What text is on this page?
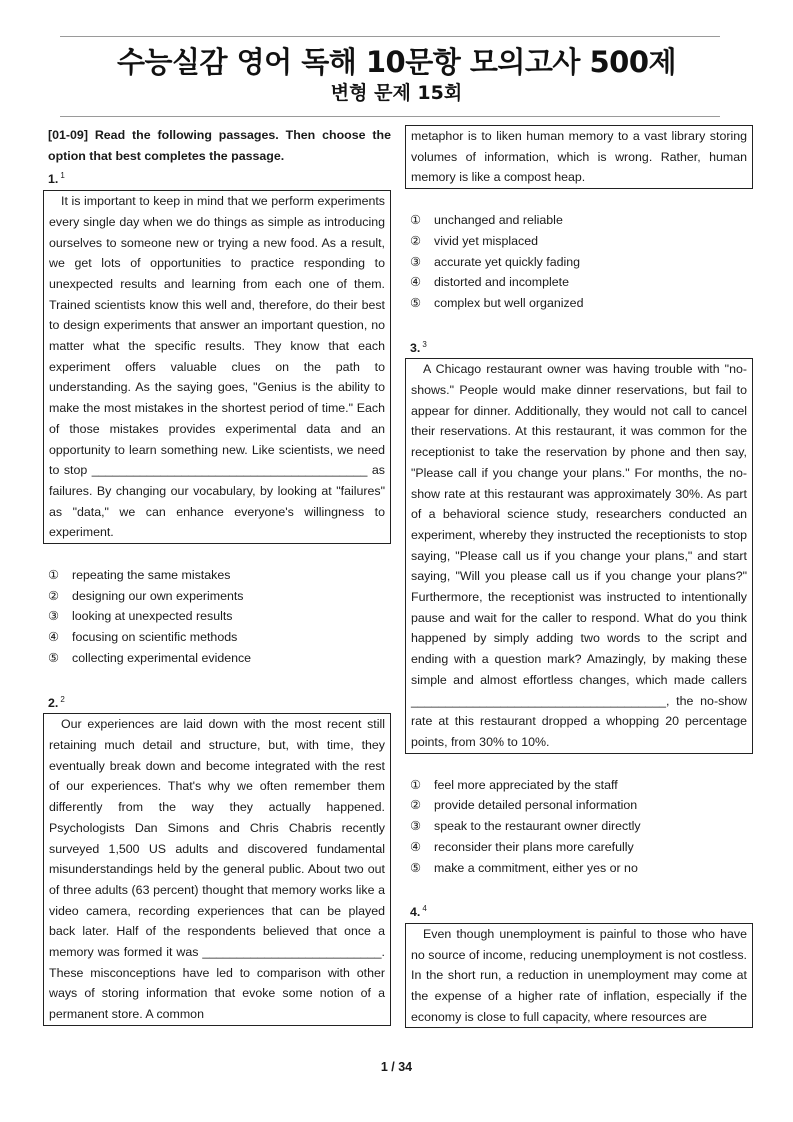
수능실감 영어 독해 10문항 모의고사 500제
변형 문제 15회
[01-09] Read the following passages. Then choose the option that best completes the passage.
1. $^1$
It is important to keep in mind that we perform experiments every single day when we do things as simple as introducing ourselves to someone new or trying a new food. As a result, we get lots of opportunities to practice responding to unexpected results and learning from each one of them. Trained scientists know this well and, therefore, do their best to design experiments that answer an important question, no matter what the specific results. They know that each experiment offers valuable clues on the path to understanding. As the saying goes, "Genius is the ability to make the most mistakes in the shortest period of time." Each of those mistakes provides experimental data and an opportunity to learn something new. Like scientists, we need to stop ________________________________________ as failures. By changing our vocabulary, by looking at "failures" as "data," we can enhance everyone's willingness to experiment.
①	repeating the same mistakes
②	designing our own experiments
③	looking at unexpected results
④	focusing on scientific methods
⑤	collecting experimental evidence
2. $^2$
Our experiences are laid down with the most recent still retaining much detail and structure, but, with time, they eventually break down and become integrated with the rest of our experiences. That's why we often remember them differently from the way they actually happened. Psychologists Dan Simons and Chris Chabris recently surveyed 1,500 US adults and discovered fundamental misunderstandings held by the general public. About two out of three adults (63 percent) thought that memory works like a video camera, recording experiences that can be played back later. Half of the respondents believed that once a memory was formed it was __________________________. These misconceptions have led to comparison with other ways of storing information that evoke some notion of a permanent store. A common
metaphor is to liken human memory to a vast library storing volumes of information, which is wrong. Rather, human memory is like a compost heap.
①	unchanged and reliable
②	vivid yet misplaced
③	accurate yet quickly fading
④	distorted and incomplete
⑤	complex but well organized
3. $^3$
A Chicago restaurant owner was having trouble with "no-shows." People would make dinner reservations, but fail to appear for dinner. Additionally, they would not call to cancel their reservations. At this restaurant, it was common for the receptionist to take the reservation by phone and then say, "Please call if you change your plans." For months, the no-show rate at this restaurant was approximately 30%. As part of a behavioral science study, researchers conducted an experiment, whereby they instructed the receptionists to stop saying, "Please call us if you change your plans," and start saying, "Will you please call us if you change your plans?" Furthermore, the receptionist was instructed to intentionally pause and wait for the caller to respond. What do you think happened by simply adding two words to the script and ending with a question mark? Amazingly, by making these simple and almost effortless changes, which made callers _____________________________________, the no-show rate at this restaurant dropped a whopping 20 percentage points, from 30% to 10%.
①	feel more appreciated by the staff
②	provide detailed personal information
③	speak to the restaurant owner directly
④	reconsider their plans more carefully
⑤	make a commitment, either yes or no
4. $^4$
Even though unemployment is painful to those who have no source of income, reducing unemployment is not costless. In the short run, a reduction in unemployment may come at the expense of a higher rate of inflation, especially if the economy is close to full capacity, where resources are
1 / 34
